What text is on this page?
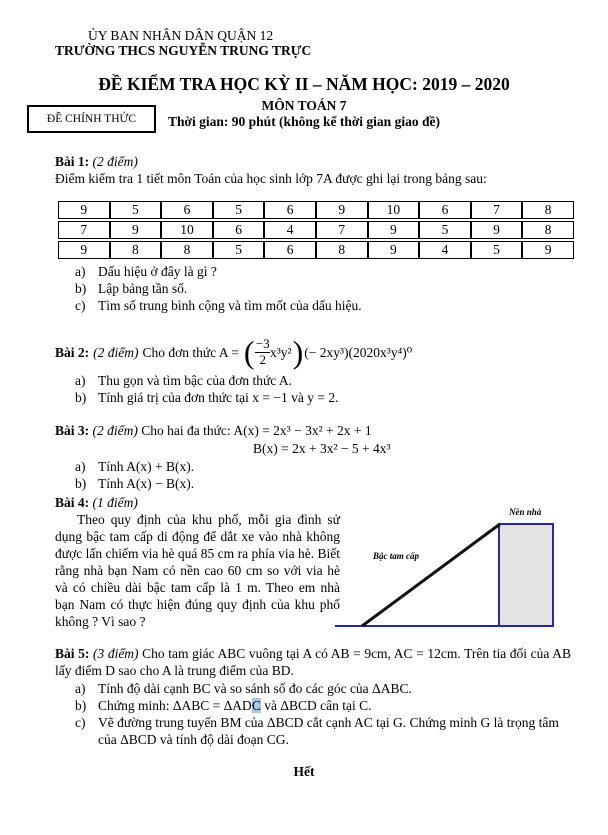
ỦY BAN NHÂN DÂN QUẬN 12
TRƯỜNG THCS NGUYỄN TRUNG TRỰC
ĐỀ KIỂM TRA HỌC KỲ II – NĂM HỌC: 2019 – 2020
MÔN TOÁN 7
ĐỀ CHÍNH THỨC	Thời gian: 90 phút (không kể thời gian giao đề)
Bài 1: (2 điểm)
Điểm kiểm tra 1 tiết môn Toán của học sinh lớp 7A được ghi lại trong bảng sau:
9	5	6	5	6	9	10	6	7	8
7	9	10	6	4	7	9	5	9	8
9	8	8	5	6	8	9	4	5	9
a) Dấu hiệu ở đây là gì ?
b) Lập bảng tần số.
c) Tìm số trung bình cộng và tìm mốt của dấu hiệu.
Bài 2: (2 điểm) Cho đơn thức A = ( $\frac{-3}{2} x^3y^2$ ) (− 2xy³)(2020x³y⁴)⁰
a) Thu gọn và tìm bậc của đơn thức A.
b) Tính giá trị của đơn thức tại x = −1 và y = 2.
Bài 3: (2 điểm) Cho hai đa thức: A(x) = 2x³ − 3x² + 2x + 1
B(x) = 2x + 3x² − 5 + 4x³
a) Tính A(x) + B(x).
b) Tính A(x) − B(x).
Bài 4: (1 điểm)
Theo quy định của khu phố, mỗi gia đình sử dụng bậc tam cấp di động để dắt xe vào nhà không được lấn chiếm via hè quá 85 cm ra phía via hè. Biết rằng nhà bạn Nam có nền cao 60 cm so với via hè và có chiều dài bậc tam cấp là 1 m. Theo em nhà bạn Nam có thực hiện đúng quy định của khu phố không ? Vì sao ?
Nền nhà
Bậc tam cấp
Bài 5: (3 điểm) Cho tam giác ABC vuông tại A có AB = 9cm, AC = 12cm. Trên tia đối của AB lấy điểm D sao cho A là trung điểm của BD.
a) Tính độ dài cạnh BC và so sánh số đo các góc của ΔABC.
b) Chứng minh: ΔABC = ΔADC và ΔBCD cân tại C.
c) Vẽ đường trung tuyến BM của ΔBCD cắt cạnh AC tại G. Chứng minh G là trọng tâm của ΔBCD và tính độ dài đoạn CG.
Hết
